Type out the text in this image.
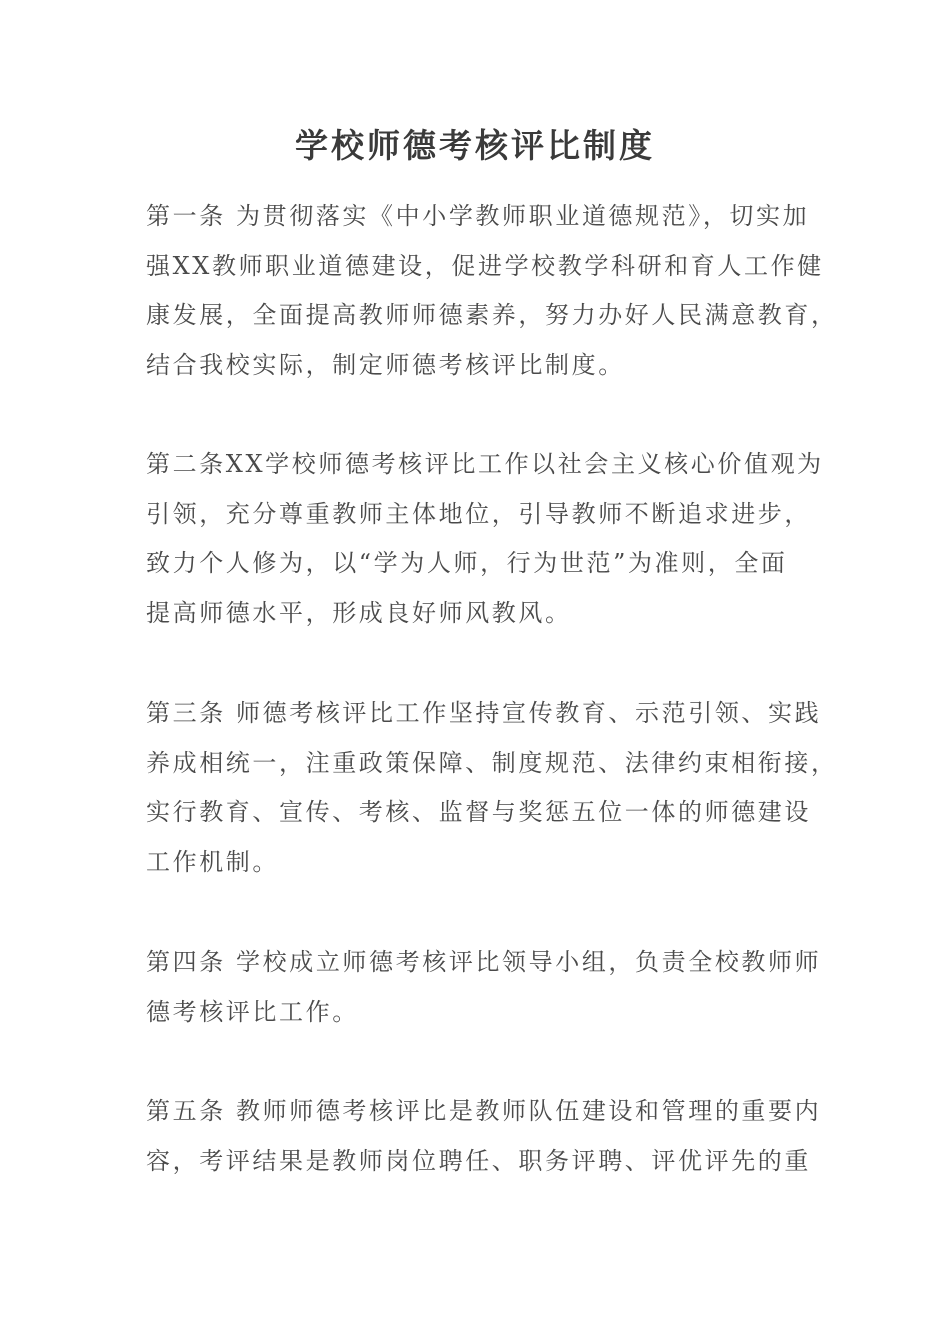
学校师德考核评比制度

第一条 为贯彻落实《中小学教师职业道德规范》，切实加
强XX教师职业道德建设，促进学校教学科研和育人工作健
康发展，全面提高教师师德素养，努力办好人民满意教育，
结合我校实际，制定师德考核评比制度。

第二条XX学校师德考核评比工作以社会主义核心价值观为
引领，充分尊重教师主体地位，引导教师不断追求进步，
致力个人修为，以“学为人师，行为世范”为准则，全面
提高师德水平，形成良好师风教风。

第三条 师德考核评比工作坚持宣传教育、示范引领、实践
养成相统一，注重政策保障、制度规范、法律约束相衔接，
实行教育、宣传、考核、监督与奖惩五位一体的师德建设
工作机制。

第四条 学校成立师德考核评比领导小组，负责全校教师师
德考核评比工作。

第五条 教师师德考核评比是教师队伍建设和管理的重要内
容，考评结果是教师岗位聘任、职务评聘、评优评先的重
